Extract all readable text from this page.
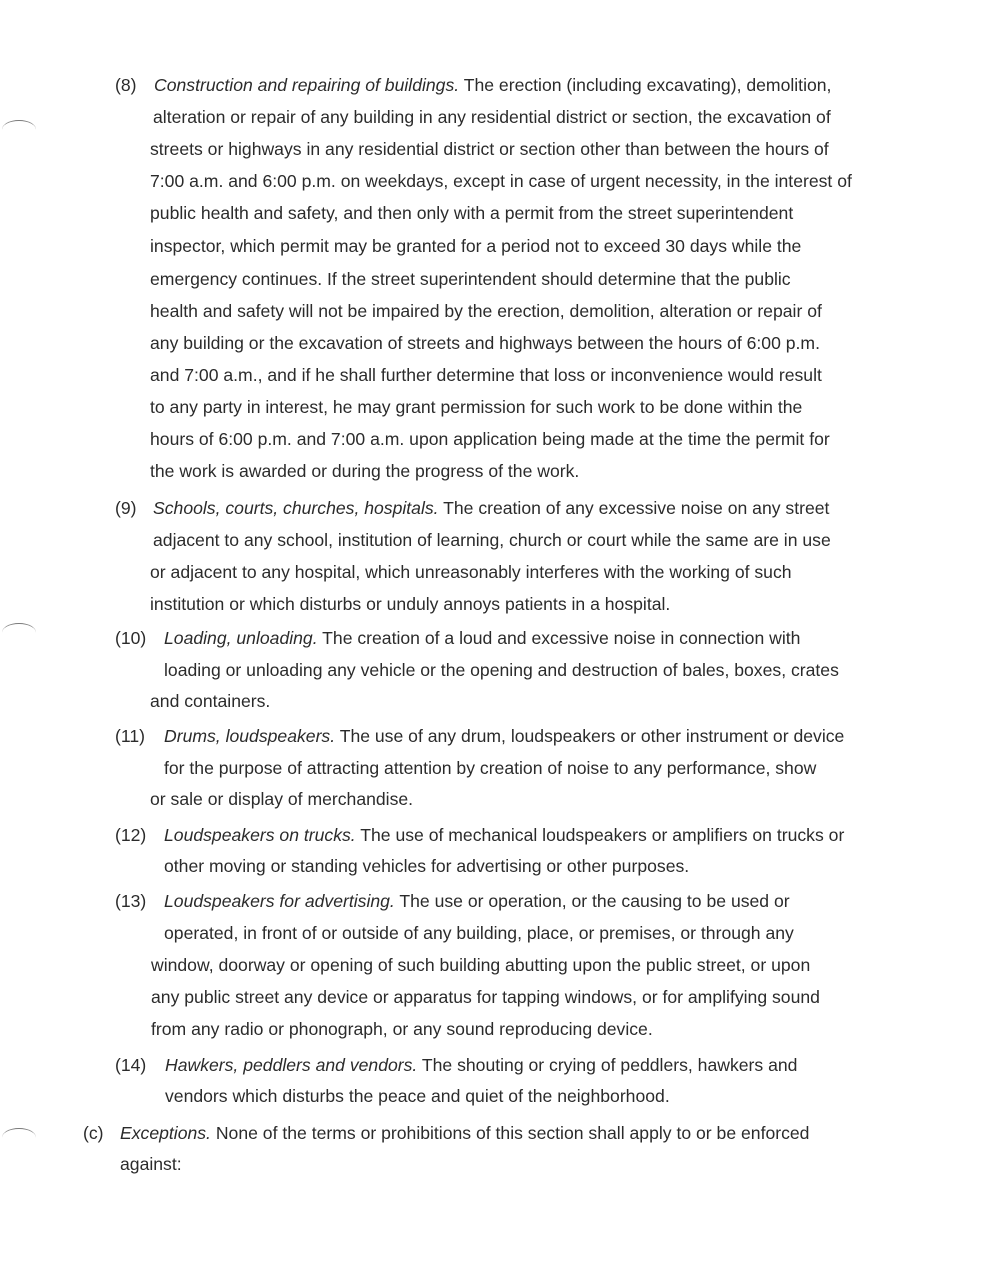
(8) Construction and repairing of buildings. The erection (including excavating), demolition,
alteration or repair of any building in any residential district or section, the excavation of
streets or highways in any residential district or section other than between the hours of
7:00 a.m. and 6:00 p.m. on weekdays, except in case of urgent necessity, in the interest of
public health and safety, and then only with a permit from the street superintendent
inspector, which permit may be granted for a period not to exceed 30 days while the
emergency continues. If the street superintendent should determine that the public
health and safety will not be impaired by the erection, demolition, alteration or repair of
any building or the excavation of streets and highways between the hours of 6:00 p.m.
and 7:00 a.m., and if he shall further determine that loss or inconvenience would result
to any party in interest, he may grant permission for such work to be done within the
hours of 6:00 p.m. and 7:00 a.m. upon application being made at the time the permit for
the work is awarded or during the progress of the work.
(9) Schools, courts, churches, hospitals. The creation of any excessive noise on any street
adjacent to any school, institution of learning, church or court while the same are in use
or adjacent to any hospital, which unreasonably interferes with the working of such
institution or which disturbs or unduly annoys patients in a hospital.
(10) Loading, unloading. The creation of a loud and excessive noise in connection with
loading or unloading any vehicle or the opening and destruction of bales, boxes, crates
and containers.
(11) Drums, loudspeakers. The use of any drum, loudspeakers or other instrument or device
for the purpose of attracting attention by creation of noise to any performance, show
or sale or display of merchandise.
(12) Loudspeakers on trucks. The use of mechanical loudspeakers or amplifiers on trucks or
other moving or standing vehicles for advertising or other purposes.
(13) Loudspeakers for advertising. The use or operation, or the causing to be used or
operated, in front of or outside of any building, place, or premises, or through any
window, doorway or opening of such building abutting upon the public street, or upon
any public street any device or apparatus for tapping windows, or for amplifying sound
from any radio or phonograph, or any sound reproducing device.
(14) Hawkers, peddlers and vendors. The shouting or crying of peddlers, hawkers and
vendors which disturbs the peace and quiet of the neighborhood.
(c) Exceptions. None of the terms or prohibitions of this section shall apply to or be enforced
against:
